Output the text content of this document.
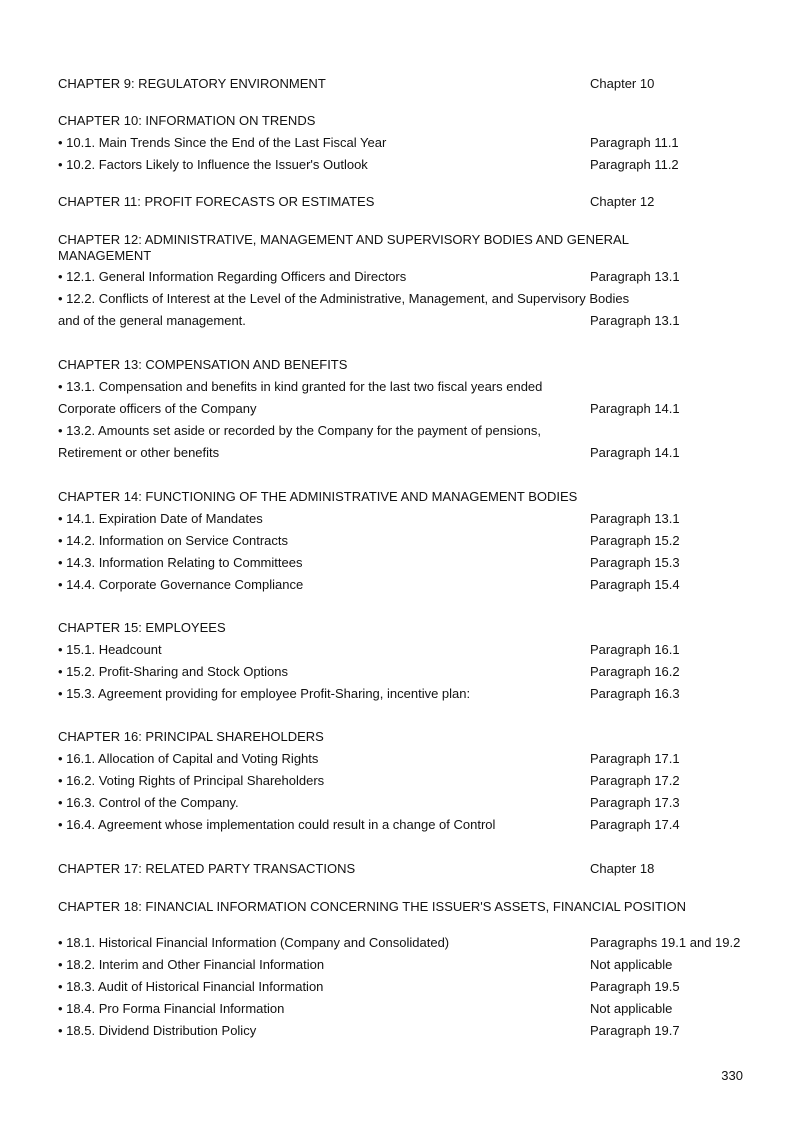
CHAPTER 9: REGULATORY ENVIRONMENT	Chapter 10
CHAPTER 10: INFORMATION ON TRENDS
• 10.1. Main Trends Since the End of the Last Fiscal Year	Paragraph 11.1
• 10.2. Factors Likely to Influence the Issuer's Outlook	Paragraph 11.2
CHAPTER 11: PROFIT FORECASTS OR ESTIMATES	Chapter 12
CHAPTER 12: ADMINISTRATIVE, MANAGEMENT AND SUPERVISORY BODIES AND GENERAL MANAGEMENT
• 12.1. General Information Regarding Officers and Directors	Paragraph 13.1
• 12.2. Conflicts of Interest at the Level of the Administrative, Management, and Supervisory Bodies
and of the general management.	Paragraph 13.1
CHAPTER 13: COMPENSATION AND BENEFITS
• 13.1. Compensation and benefits in kind granted for the last two fiscal years ended
Corporate officers of the Company	Paragraph 14.1
• 13.2. Amounts set aside or recorded by the Company for the payment of pensions,
Retirement or other benefits	Paragraph 14.1
CHAPTER 14: FUNCTIONING OF THE ADMINISTRATIVE AND MANAGEMENT BODIES
• 14.1. Expiration Date of Mandates	Paragraph 13.1
• 14.2. Information on Service Contracts	Paragraph 15.2
• 14.3. Information Relating to Committees	Paragraph 15.3
• 14.4. Corporate Governance Compliance	Paragraph 15.4
CHAPTER 15: EMPLOYEES
• 15.1. Headcount	Paragraph 16.1
• 15.2. Profit-Sharing and Stock Options	Paragraph 16.2
• 15.3. Agreement providing for employee Profit-Sharing, incentive plan:	Paragraph 16.3
CHAPTER 16: PRINCIPAL SHAREHOLDERS
• 16.1. Allocation of Capital and Voting Rights	Paragraph 17.1
• 16.2. Voting Rights of Principal Shareholders	Paragraph 17.2
• 16.3. Control of the Company.	Paragraph 17.3
• 16.4. Agreement whose implementation could result in a change of Control	Paragraph 17.4
CHAPTER 17: RELATED PARTY TRANSACTIONS	Chapter 18
CHAPTER 18: FINANCIAL INFORMATION CONCERNING THE ISSUER'S ASSETS, FINANCIAL POSITION
• 18.1. Historical Financial Information (Company and Consolidated)	Paragraphs 19.1 and 19.2
• 18.2. Interim and Other Financial Information	Not applicable
• 18.3. Audit of Historical Financial Information	Paragraph 19.5
• 18.4. Pro Forma Financial Information	Not applicable
• 18.5. Dividend Distribution Policy	Paragraph 19.7
330
